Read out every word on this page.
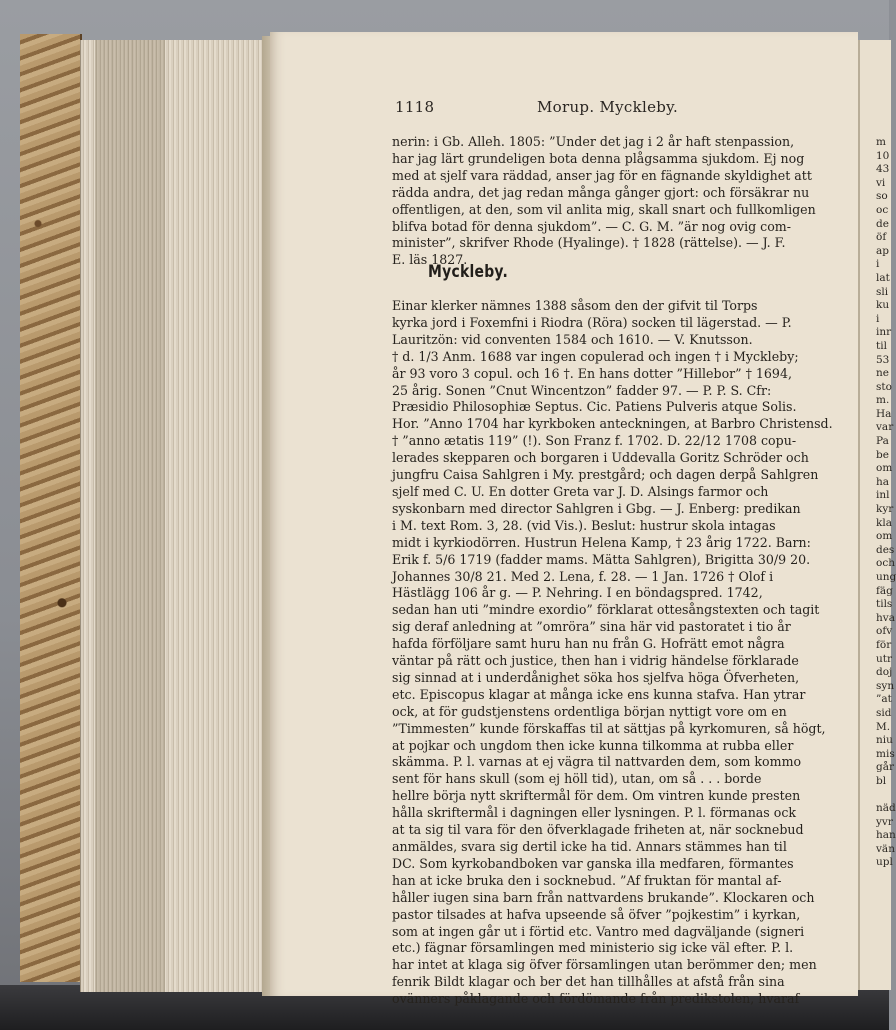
m
10
43
vi
so
oc
de
öf
ap
i
lat
sli
ku
i
inr
til
53
ne
sto
m.
Ha
var
Pa
be
om
ha
inl
kyr
kla
om
des
och
ung
fäg
tils
hva
ofv
för
utr
doj
syn
”at
sid
M.
niu
mis
går
bl

näd
yvr
han
vän
upl
1118	Morup. Myckleby.
nerin: i Gb. Alleh. 1805: ”Under det jag i 2 år haft stenpassion,
har jag lärt grundeligen bota denna plågsamma sjukdom. Ej nog
med at sjelf vara räddad, anser jag för en fägnande skyldighet att
rädda andra, det jag redan många gånger gjort: och försäkrar nu
offentligen, at den, som vil anlita mig, skall snart och fullkomligen
blifva botad för denna sjukdom”. — C. G. M. ”är nog ovig com-
minister”, skrifver Rhode (Hyalinge). † 1828 (rättelse). — J. F.
E. läs 1827.
Myckleby.
Einar klerker nämnes 1388 såsom den der gifvit til Torps
kyrka jord i Foxemfni i Riodra (Röra) socken til lägerstad. — P.
Lauritzön: vid conventen 1584 och 1610. — V. Knutsson.
† d. 1/3 Anm. 1688 var ingen copulerad och ingen † i Myckleby;
år 93 voro 3 copul. och 16 †. En hans dotter ”Hillebor” † 1694,
25 årig. Sonen ”Cnut Wincentzon” fadder 97. — P. P. S. Cfr:
Præsidio Philosophiæ Septus. Cic. Patiens Pulveris atque Solis.
Hor. ”Anno 1704 har kyrkboken anteckningen, at Barbro Christensd.
† ”anno ætatis 119” (!). Son Franz f. 1702. D. 22/12 1708 copu-
lerades skepparen och borgaren i Uddevalla Goritz Schröder och
jungfru Caisa Sahlgren i My. prestgård; och dagen derpå Sahlgren
sjelf med C. U. En dotter Greta var J. D. Alsings farmor och
syskonbarn med director Sahlgren i Gbg. — J. Enberg: predikan
i M. text Rom. 3, 28. (vid Vis.). Beslut: hustrur skola intagas
midt i kyrkiodörren. Hustrun Helena Kamp, † 23 årig 1722. Barn:
Erik f. 5/6 1719 (fadder mams. Mätta Sahlgren), Brigitta 30/9 20.
Johannes 30/8 21. Med 2. Lena, f. 28. — 1 Jan. 1726 † Olof i
Hästlägg 106 år g. — P. Nehring. I en böndagspred. 1742,
sedan han uti ”mindre exordio” förklarat ottesångstexten och tagit
sig deraf anledning at ”omröra” sina här vid pastoratet i tio år
hafda förföljare samt huru han nu från G. Hofrätt emot några
väntar på rätt och justice, then han i vidrig händelse förklarade
sig sinnad at i underdånighet söka hos sjelfva höga Öfverheten,
etc. Episcopus klagar at många icke ens kunna stafva. Han ytrar
ock, at för gudstjenstens ordentliga början nyttigt vore om en
”Timmesten” kunde förskaffas til at sättjas på kyrkomuren, så högt,
at pojkar och ungdom then icke kunna tilkomma at rubba eller
skämma. P. l. varnas at ej vägra til nattvarden dem, som kommo
sent för hans skull (som ej höll tid), utan, om så . . . borde
hellre börja nytt skriftermål för dem. Om vintren kunde presten
hålla skriftermål i dagningen eller lysningen. P. l. förmanas ock
at ta sig til vara för den öfverklagade friheten at, när socknebud
anmäldes, svara sig dertil icke ha tid. Annars stämmes han til
DC. Som kyrkobandboken var ganska illa medfaren, förmantes
han at icke bruka den i socknebud. ”Af fruktan för mantal af-
håller iugen sina barn från nattvardens brukande”. Klockaren och
pastor tilsades at hafva upseende så öfver ”pojkestim” i kyrkan,
som at ingen går ut i förtid etc. Vantro med dagväljande (signeri
etc.) fägnar församlingen med ministerio sig icke väl efter. P. l.
har intet at klaga sig öfver församlingen utan berömmer den; men
fenrik Bildt klagar och ber det han tillhålles at afstå från sina
ovänners påklagande och fördömande från predikstolen, hvaraf
